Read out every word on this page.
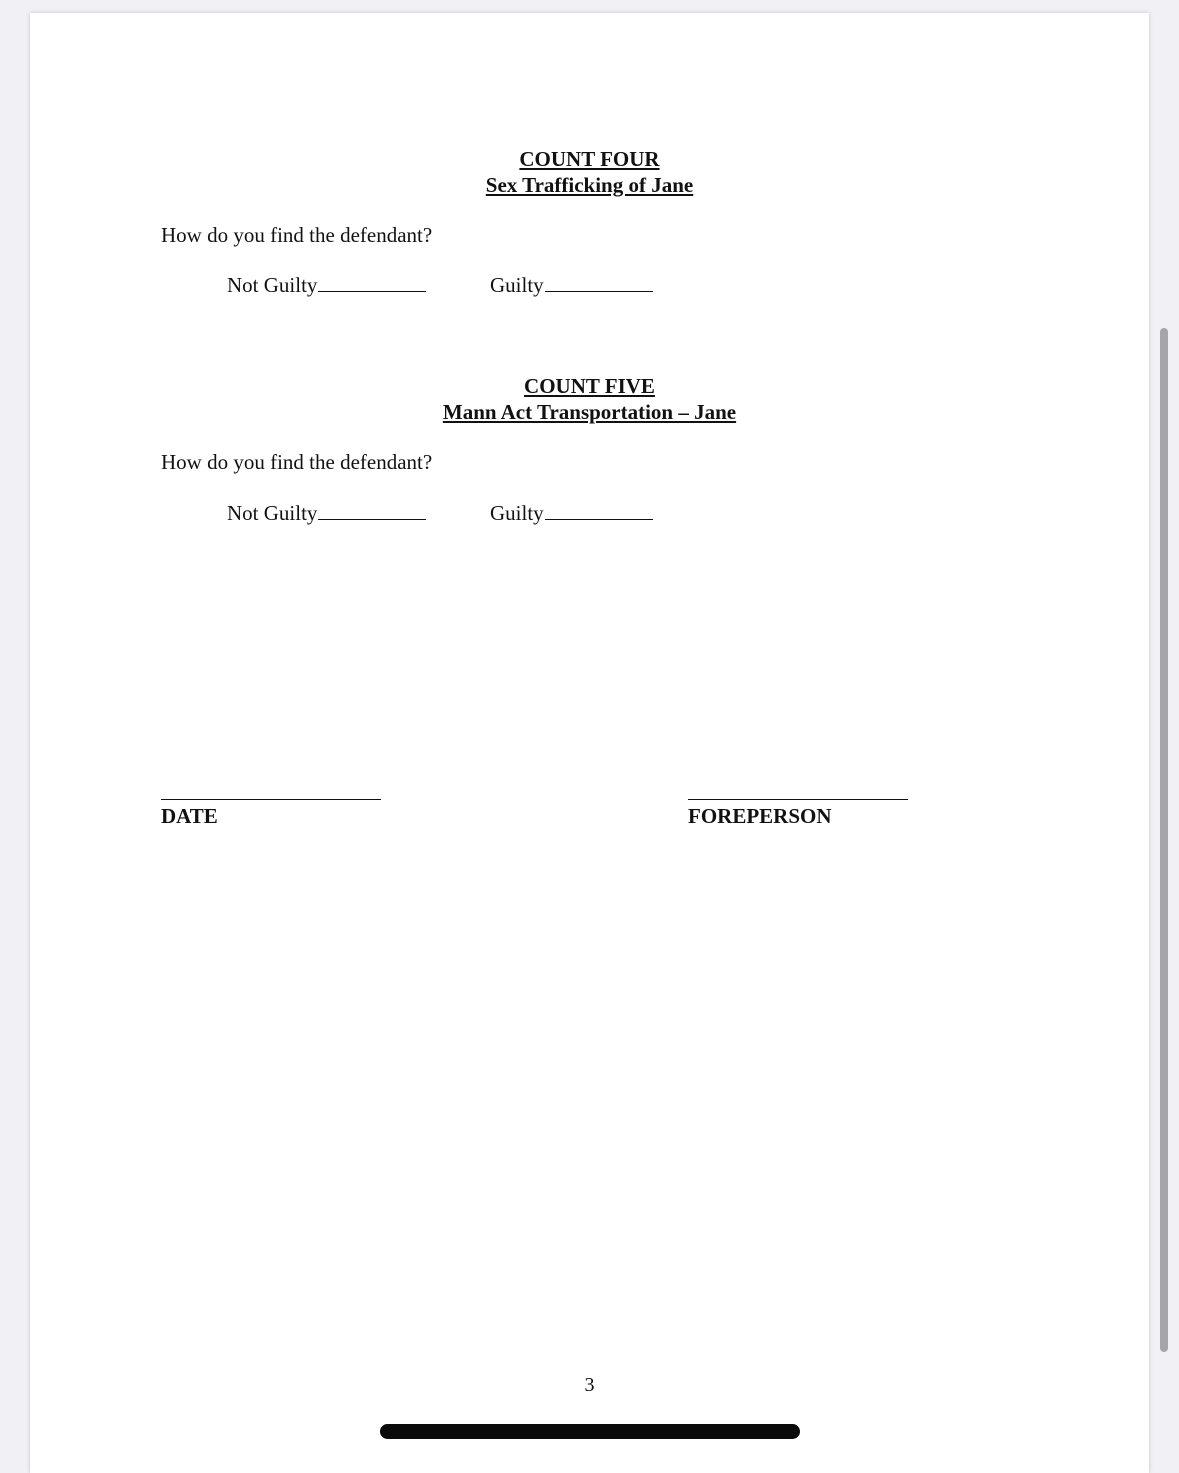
COUNT FOUR
Sex Trafficking of Jane
How do you find the defendant?
Not Guilty	Guilty
COUNT FIVE
Mann Act Transportation – Jane
How do you find the defendant?
Not Guilty	Guilty
DATE	FOREPERSON
3
